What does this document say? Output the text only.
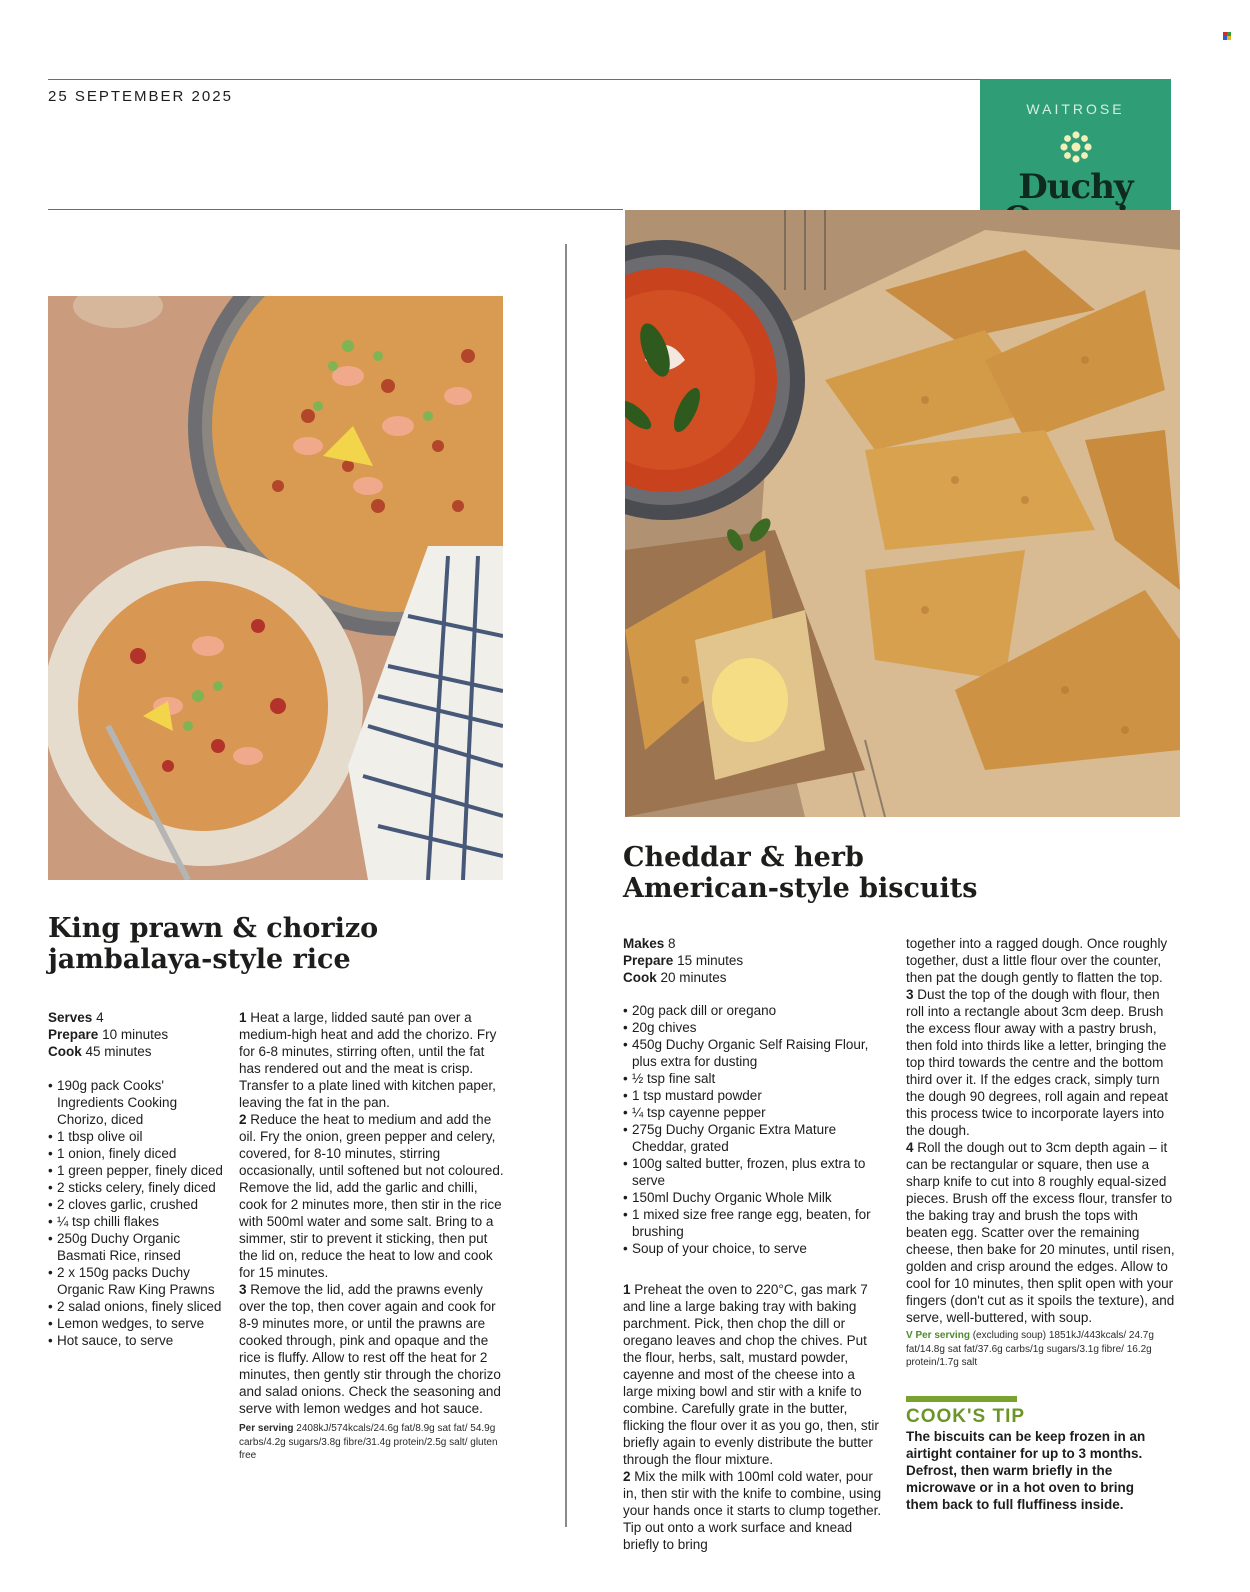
25 SEPTEMBER 2025
WAITROSE
Duchy
King prawn & chorizo
jambalaya-style rice
Serves 4
Prepare 10 minutes
Cook 45 minutes
• 190g pack Cooks' Ingredients Cooking Chorizo, diced
• 1 tbsp olive oil
• 1 onion, finely diced
• 1 green pepper, finely diced
• 2 sticks celery, finely diced
• 2 cloves garlic, crushed
• ¼ tsp chilli flakes
• 250g Duchy Organic Basmati Rice, rinsed
• 2 x 150g packs Duchy Organic Raw King Prawns
• 2 salad onions, finely sliced
• Lemon wedges, to serve
• Hot sauce, to serve

1 Heat a large, lidded sauté pan over a medium-high heat and add the chorizo. Fry for 6-8 minutes, stirring often, until the fat has rendered out and the meat is crisp. Transfer to a plate lined with kitchen paper, leaving the fat in the pan.

2 Reduce the heat to medium and add the oil. Fry the onion, green pepper and celery, covered, for 8-10 minutes, stirring occasionally, until softened but not coloured. Remove the lid, add the garlic and chilli, cook for 2 minutes more, then stir in the rice with 500ml water and some salt. Bring to a simmer, stir to prevent it sticking, then put the lid on, reduce the heat to low and cook for 15 minutes.

3 Remove the lid, add the prawns evenly over the top, then cover again and cook for 8-9 minutes more, or until the prawns are cooked through, pink and opaque and the rice is fluffy. Allow to rest off the heat for 2 minutes, then gently stir through the chorizo and salad onions. Check the seasoning and serve with lemon wedges and hot sauce.

Per serving 2408kJ/574kcals/24.6g fat/8.9g sat fat/ 54.9g carbs/4.2g sugars/3.8g fibre/31.4g protein/2.5g salt/ gluten free
Cheddar & herb
American-style biscuits
Makes 8
Prepare 15 minutes
Cook 20 minutes
• 20g pack dill or oregano
• 20g chives
• 450g Duchy Organic Self Raising Flour, plus extra for dusting
• ½ tsp fine salt
• 1 tsp mustard powder
• ¼ tsp cayenne pepper
• 275g Duchy Organic Extra Mature Cheddar, grated
• 100g salted butter, frozen, plus extra to serve
• 150ml Duchy Organic Whole Milk
• 1 mixed size free range egg, beaten, for brushing
• Soup of your choice, to serve

1 Preheat the oven to 220°C, gas mark 7 and line a large baking tray with baking parchment. Pick, then chop the dill or oregano leaves and chop the chives. Put the flour, herbs, salt, mustard powder, cayenne and most of the cheese into a large mixing bowl and stir with a knife to combine. Carefully grate in the butter, flicking the flour over it as you go, then, stir briefly again to evenly distribute the butter through the flour mixture.

2 Mix the milk with 100ml cold water, pour in, then stir with the knife to combine, using your hands once it starts to clump together. Tip out onto a work surface and knead briefly to bring

together into a ragged dough. Once roughly together, dust a little flour over the counter, then pat the dough gently to flatten the top.

3 Dust the top of the dough with flour, then roll into a rectangle about 3cm deep. Brush the excess flour away with a pastry brush, then fold into thirds like a letter, bringing the top third towards the centre and the bottom third over it. If the edges crack, simply turn the dough 90 degrees, roll again and repeat this process twice to incorporate layers into the dough.

4 Roll the dough out to 3cm depth again – it can be rectangular or square, then use a sharp knife to cut into 8 roughly equal-sized pieces. Brush off the excess flour, transfer to the baking tray and brush the tops with beaten egg. Scatter over the remaining cheese, then bake for 20 minutes, until risen, golden and crisp around the edges. Allow to cool for 10 minutes, then split open with your fingers (don't cut as it spoils the texture), and serve, well-buttered, with soup.

V Per serving (excluding soup) 1851kJ/443kcals/ 24.7g fat/14.8g sat fat/37.6g carbs/1g sugars/3.1g fibre/ 16.2g protein/1.7g salt
COOK'S TIP
The biscuits can be keep frozen in an airtight container for up to 3 months. Defrost, then warm briefly in the microwave or in a hot oven to bring them back to full fluffiness inside.
